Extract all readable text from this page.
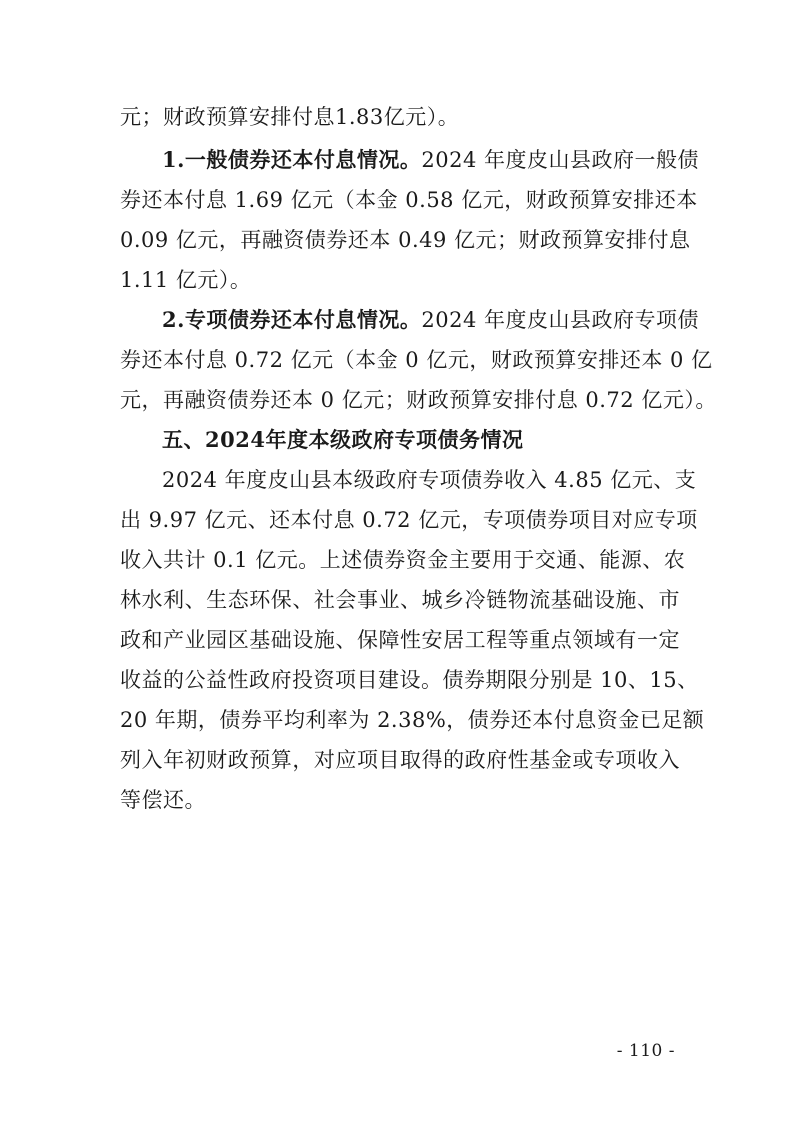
元；财政预算安排付息1.83亿元）。
1.一般债券还本付息情况。2024 年度皮山县政府一般债
券还本付息 1.69 亿元（本金 0.58 亿元，财政预算安排还本
0.09 亿元，再融资债券还本 0.49 亿元；财政预算安排付息
1.11 亿元）。
2.专项债券还本付息情况。2024 年度皮山县政府专项债
券还本付息 0.72 亿元（本金 0 亿元，财政预算安排还本 0 亿
元，再融资债券还本 0 亿元；财政预算安排付息 0.72 亿元）。
五、2024年度本级政府专项债务情况
2024 年度皮山县本级政府专项债券收入 4.85 亿元、支
出 9.97 亿元、还本付息 0.72 亿元，专项债券项目对应专项
收入共计 0.1 亿元。上述债券资金主要用于交通、能源、农
林水利、生态环保、社会事业、城乡冷链物流基础设施、市
政和产业园区基础设施、保障性安居工程等重点领域有一定
收益的公益性政府投资项目建设。债券期限分别是 10、15、
20 年期，债券平均利率为 2.38%，债券还本付息资金已足额
列入年初财政预算，对应项目取得的政府性基金或专项收入
等偿还。
- 110 -
